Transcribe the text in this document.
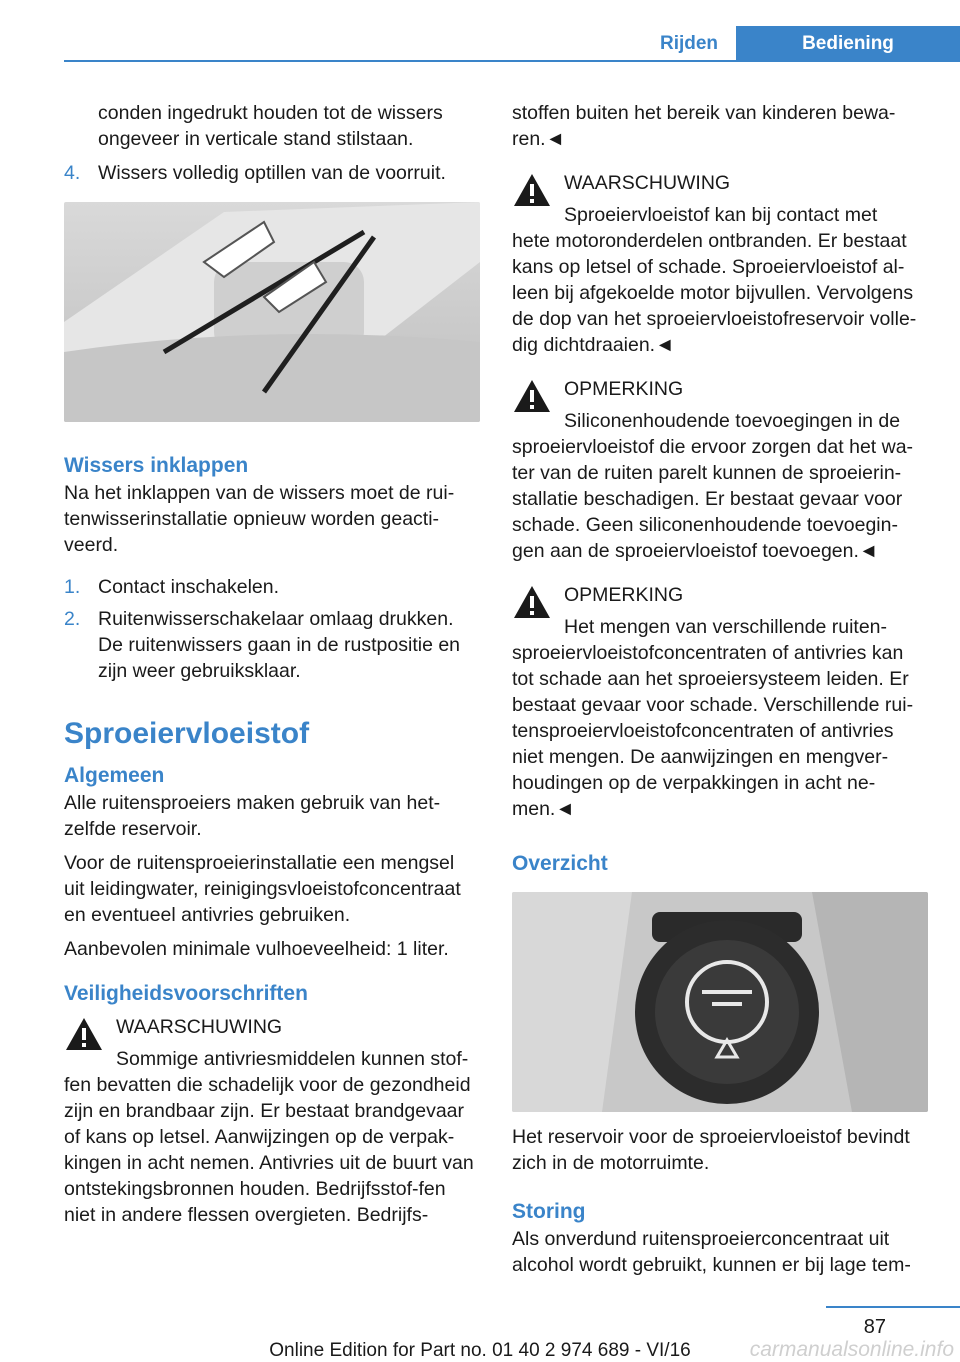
Rijden	Bediening

conden ingedrukt houden tot de wissers

ongeveer in verticale stand stilstaan.

4. Wissers volledig optillen van de voorruit.

Wissers inklappen

Na het inklappen van de wissers moet de rui-tenwisserinstallatie opnieuw worden geacti-veerd.

1. Contact inschakelen.
2. Ruitenwisserschakelaar omlaag drukken. De ruitenwissers gaan in de rustpositie en zijn weer gebruiksklaar.

Sproeiervloeistof

Algemeen

Alle ruitensproeiers maken gebruik van het-zelfde reservoir.

Voor de ruitensproeierinstallatie een mengsel uit leidingwater, reinigingsvloeistofconcentraat en eventueel antivries gebruiken.

Aanbevolen minimale vulhoeveelheid: 1 liter.

Veiligheidsvoorschriften

WAARSCHUWING

Sommige antivriesmiddelen kunnen stof-

fen bevatten die schadelijk voor de gezondheid zijn en brandbaar zijn. Er bestaat brandgevaar of kans op letsel. Aanwijzingen op de verpak-kingen in acht nemen. Antivries uit de buurt van ontstekingsbronnen houden. Bedrijfsstof-fen niet in andere flessen overgieten. Bedrijfs-

stoffen buiten het bereik van kinderen bewa-ren.◄

WAARSCHUWING

Sproeiervloeistof kan bij contact met

hete motoronderdelen ontbranden. Er bestaat kans op letsel of schade. Sproeiervloeistof al-leen bij afgekoelde motor bijvullen. Vervolgens de dop van het sproeiervloeistofreservoir volle-dig dichtdraaien.◄

OPMERKING

Siliconenhoudende toevoegingen in de

sproeiervloeistof die ervoor zorgen dat het wa-ter van de ruiten parelt kunnen de sproeierin-stallatie beschadigen. Er bestaat gevaar voor schade. Geen siliconenhoudende toevoegin-gen aan de sproeiervloeistof toevoegen.◄

OPMERKING

Het mengen van verschillende ruiten-

sproeiervloeistofconcentraten of antivries kan tot schade aan het sproeiersysteem leiden. Er bestaat gevaar voor schade. Verschillende rui-tensproeiervloeistofconcentraten of antivries niet mengen. De aanwijzingen en mengver-houdingen op de verpakkingen in acht ne-men.◄

Overzicht

Het reservoir voor de sproeiervloeistof bevindt zich in de motorruimte.

Storing

Als onverdund ruitensproeierconcentraat uit alcohol wordt gebruikt, kunnen er bij lage tem-

87
Online Edition for Part no. 01 40 2 974 689 - VI/16	carmanualsonline.info
